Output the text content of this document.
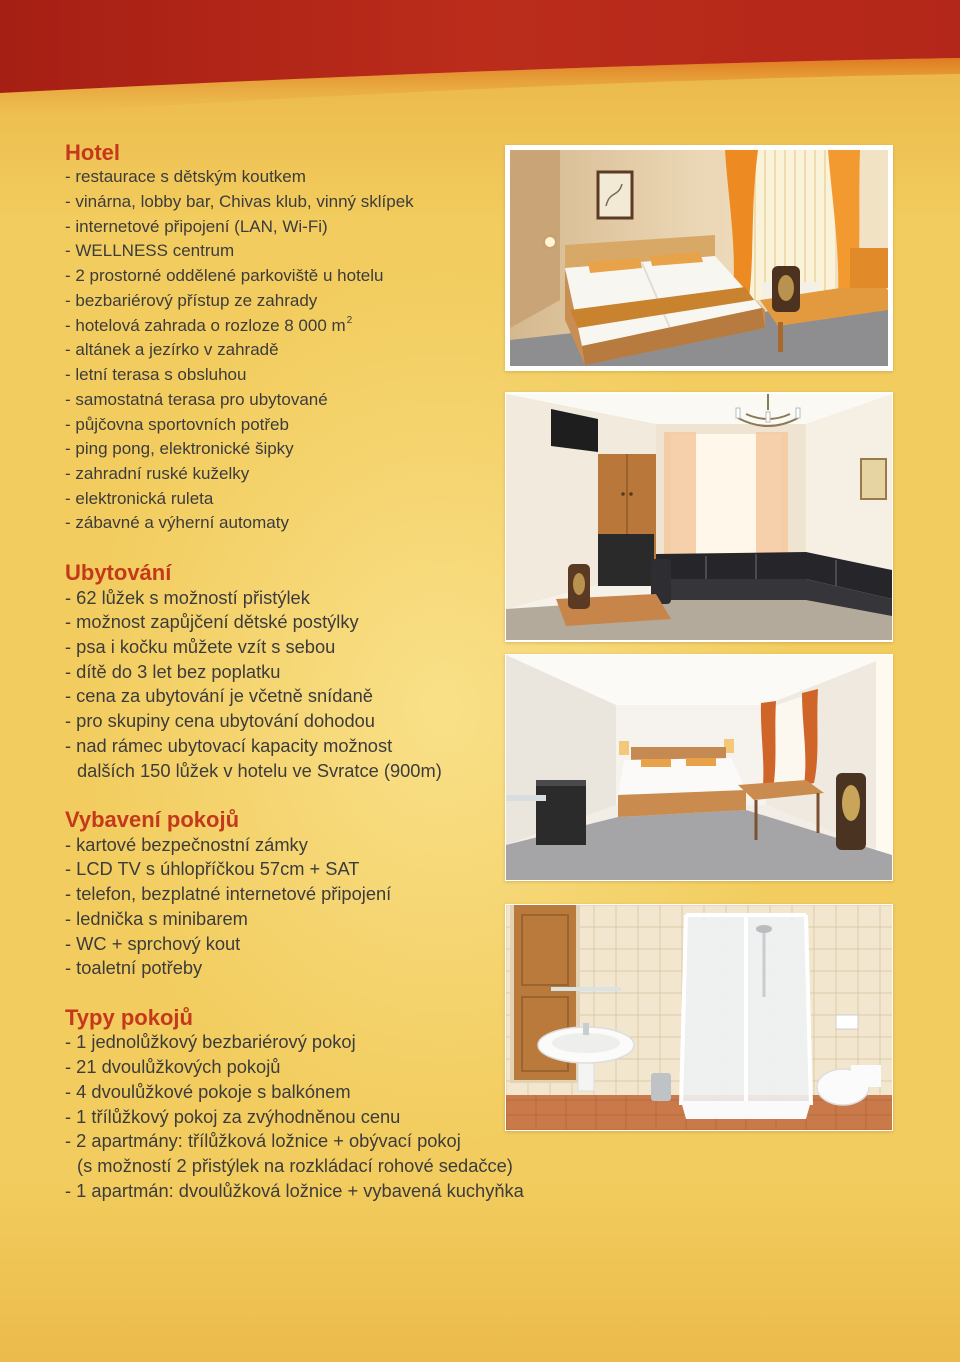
Hotel
- restaurace s dětským koutkem
- vinárna, lobby bar, Chivas klub, vinný sklípek
- internetové připojení (LAN, Wi-Fi)
- WELLNESS centrum
- 2 prostorné oddělené parkoviště u hotelu
- bezbariérový přístup ze zahrady
- hotelová zahrada o rozloze 8 000 $m^2$
- altánek a jezírko v zahradě
- letní terasa s obsluhou
- samostatná terasa pro ubytované
- půjčovna sportovních potřeb
- ping pong, elektronické šipky
- zahradní ruské kuželky
- elektronická ruleta
- zábavné a výherní automaty
Ubytování
- 62 lůžek s možností přistýlek
- možnost zapůjčení dětské postýlky
- psa i kočku můžete vzít s sebou
- dítě do 3 let bez poplatku
- cena za ubytování je včetně snídaně
- pro skupiny cena ubytování dohodou
- nad rámec ubytovací kapacity možnost
dalších 150 lůžek v hotelu ve Svratce (900m)
Vybavení pokojů
- kartové bezpečnostní zámky
- LCD TV s úhlopříčkou 57cm + SAT
- telefon, bezplatné internetové připojení
- lednička s minibarem
- WC + sprchový kout
- toaletní potřeby
Typy pokojů
- 1 jednolůžkový bezbariérový pokoj
- 21 dvoulůžkových pokojů
- 4 dvoulůžkové pokoje s balkónem
- 1 třílůžkový pokoj za zvýhodněnou cenu
- 2 apartmány: třílůžková ložnice + obývací pokoj
(s možností 2 přistýlek na rozkládací rohové sedačce)
- 1 apartmán: dvoulůžková ložnice + vybavená kuchyňka
